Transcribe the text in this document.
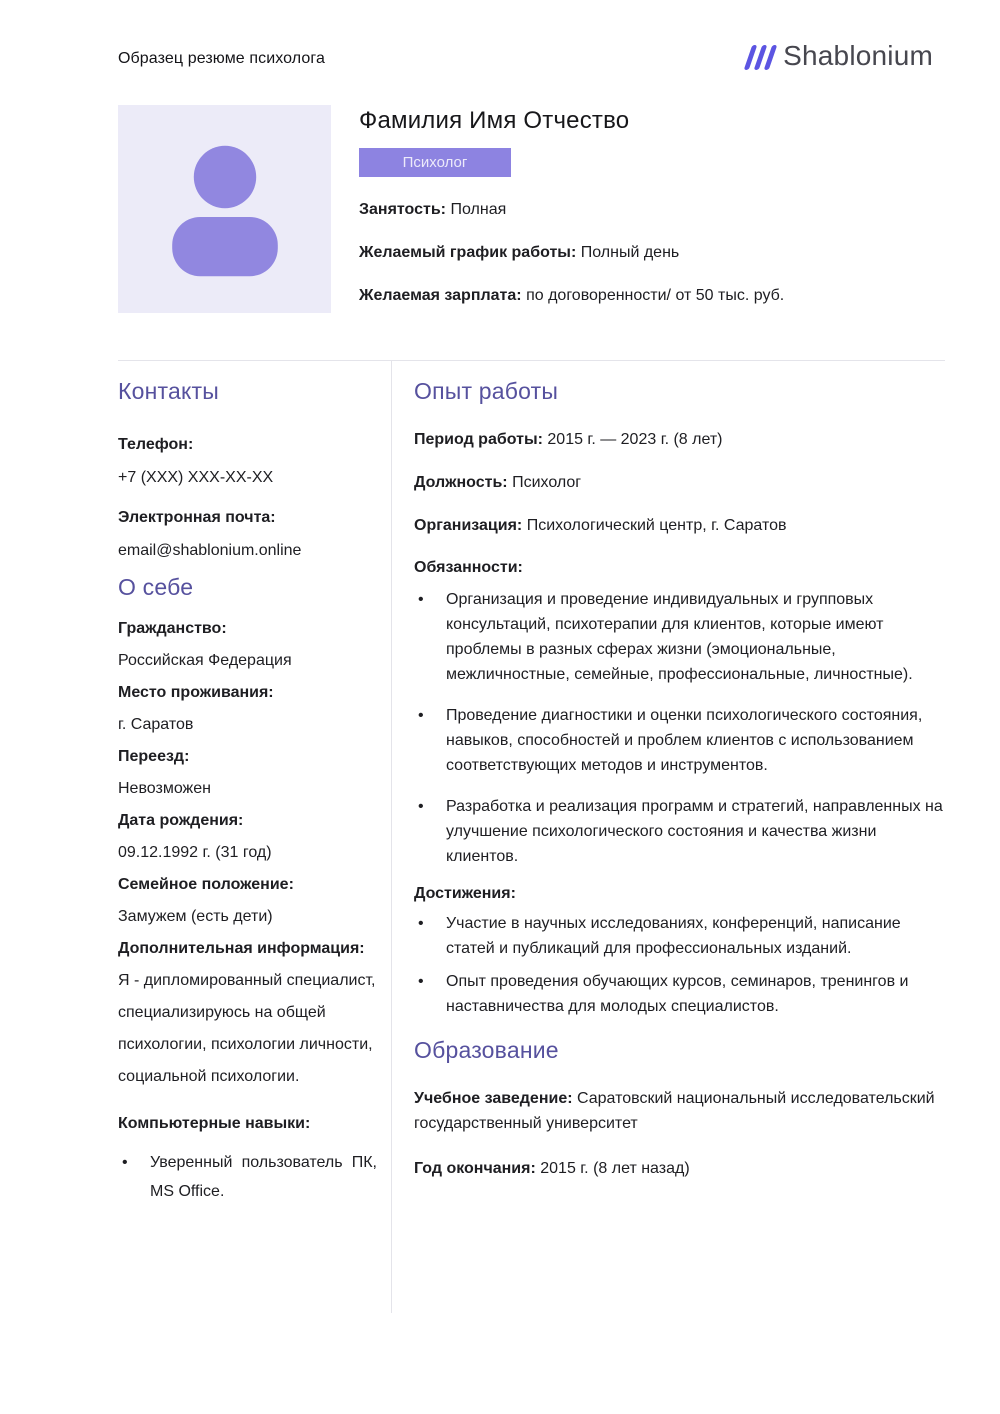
Образец резюме психолога	Shablonium
Фамилия Имя Отчество
Психолог

Занятость: Полная

Желаемый график работы: Полный день

Желаемая зарплата: по договоренности/ от 50 тыс. руб.

Контакты
Телефон:
+7 (XXX) XXX-XX-XX
Электронная почта:
email@shablonium.online
О себе
Гражданство:
Российская Федерация
Место проживания:
г. Саратов
Переезд:
Невозможен
Дата рождения:
09.12.1992 г. (31 год)
Семейное положение:
Замужем (есть дети)
Дополнительная информация:
Я - дипломированный специалист, специализируюсь на общей психологии, психологии личности, социальной психологии.
Компьютерные навыки:
•	Уверенный пользователь ПК, MS Office.
Опыт работы

Период работы: 2015 г. — 2023 г. (8 лет)

Должность: Психолог

Организация: Психологический центр, г. Саратов

Обязанности:
•	Организация и проведение индивидуальных и групповых консультаций, психотерапии для клиентов, которые имеют проблемы в разных сферах жизни (эмоциональные, межличностные, семейные, профессиональные, личностные).
•	Проведение диагностики и оценки психологического состояния, навыков, способностей и проблем клиентов с использованием соответствующих методов и инструментов.
•	Разработка и реализация программ и стратегий, направленных на улучшение психологического состояния и качества жизни клиентов.
Достижения:
•	Участие в научных исследованиях, конференций, написание статей и публикаций для профессиональных изданий.
•	Опыт проведения обучающих курсов, семинаров, тренингов и наставничества для молодых специалистов.
Образование

Учебное заведение: Саратовский национальный исследовательский государственный университет

Год окончания: 2015 г. (8 лет назад)
